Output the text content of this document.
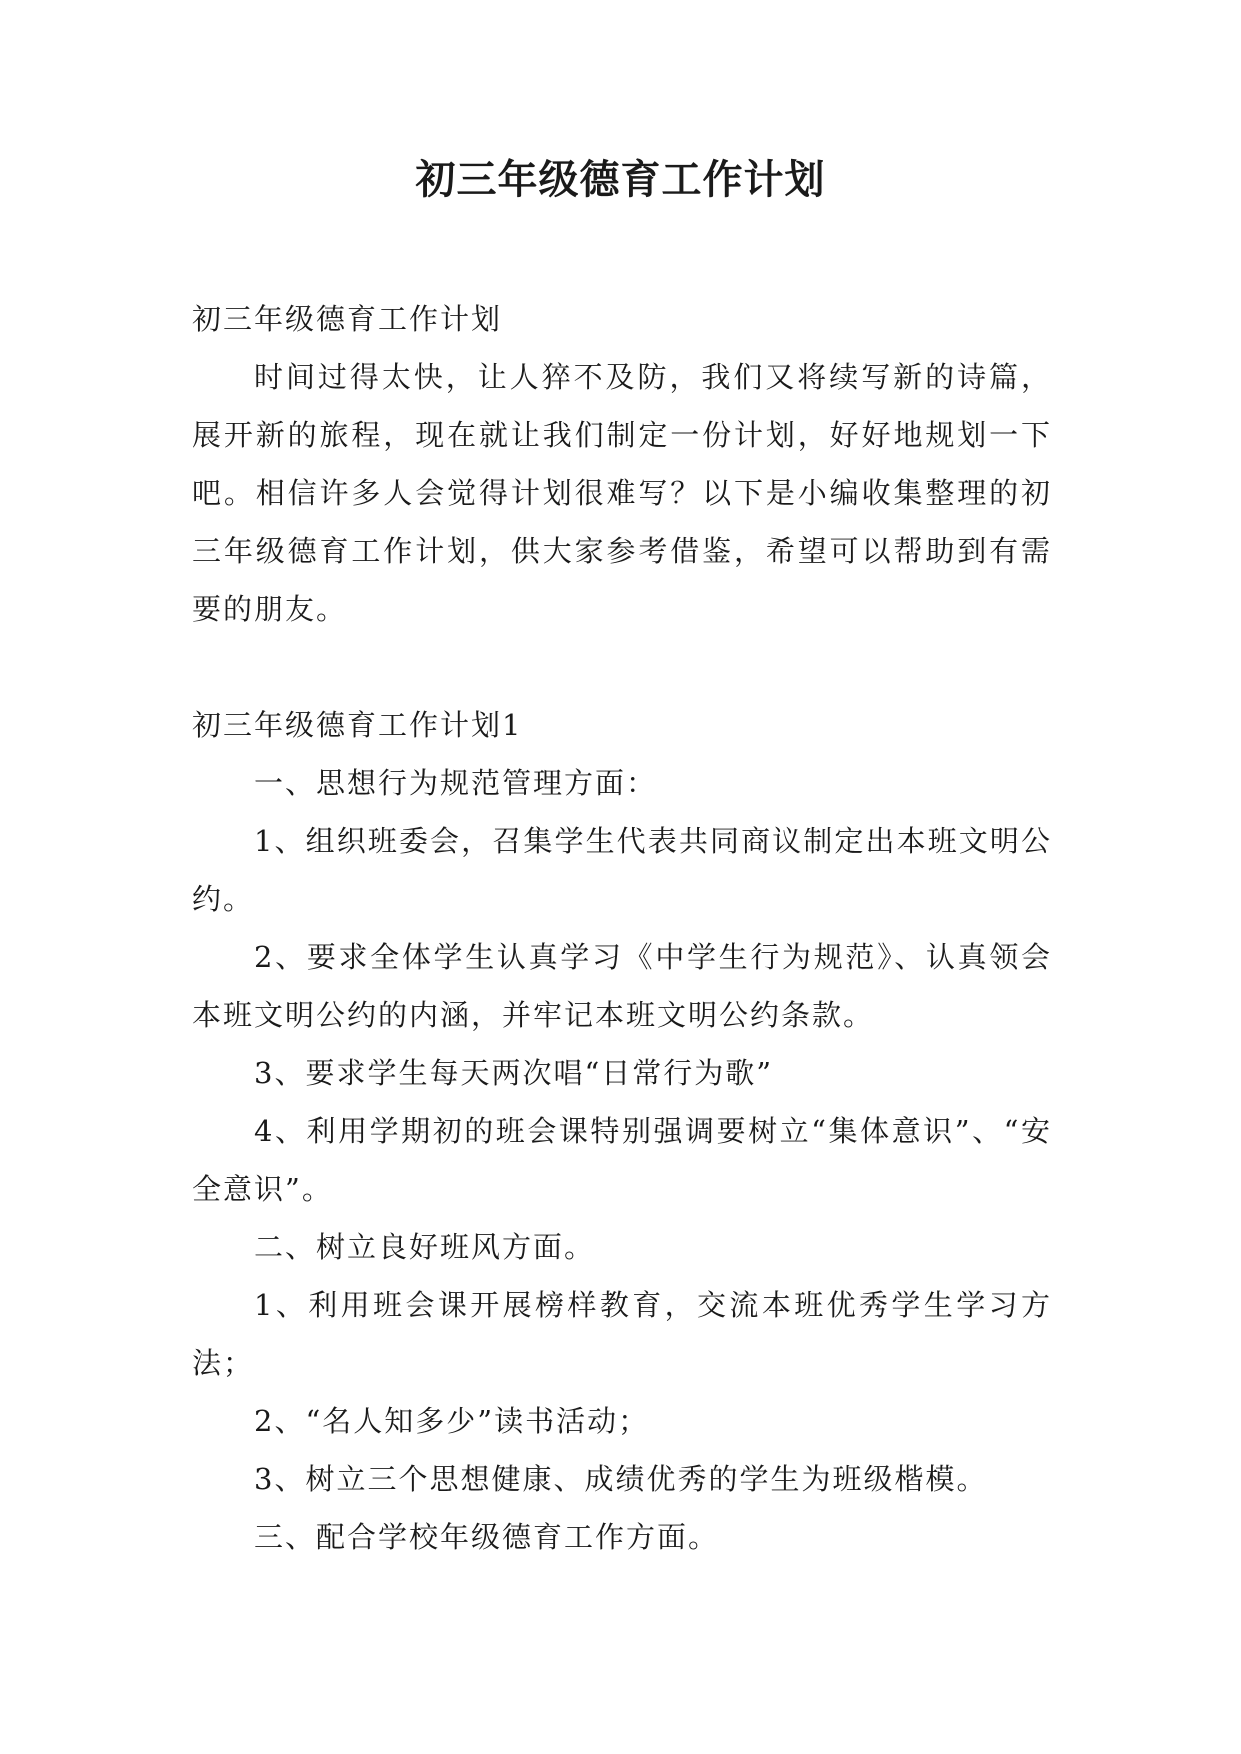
初三年级德育工作计划

初三年级德育工作计划

时间过得太快，让人猝不及防，我们又将续写新的诗篇，展开新的旅程，现在就让我们制定一份计划，好好地规划一下吧。相信许多人会觉得计划很难写？以下是小编收集整理的初三年级德育工作计划，供大家参考借鉴，希望可以帮助到有需要的朋友。

初三年级德育工作计划1

一、思想行为规范管理方面：

1、组织班委会，召集学生代表共同商议制定出本班文明公约。

2、要求全体学生认真学习《中学生行为规范》、认真领会本班文明公约的内涵，并牢记本班文明公约条款。

3、要求学生每天两次唱“日常行为歌”

4、利用学期初的班会课特别强调要树立“集体意识”、“安全意识”。

二、树立良好班风方面。

1、利用班会课开展榜样教育，交流本班优秀学生学习方法；

2、“名人知多少”读书活动；

3、树立三个思想健康、成绩优秀的学生为班级楷模。

三、配合学校年级德育工作方面。
